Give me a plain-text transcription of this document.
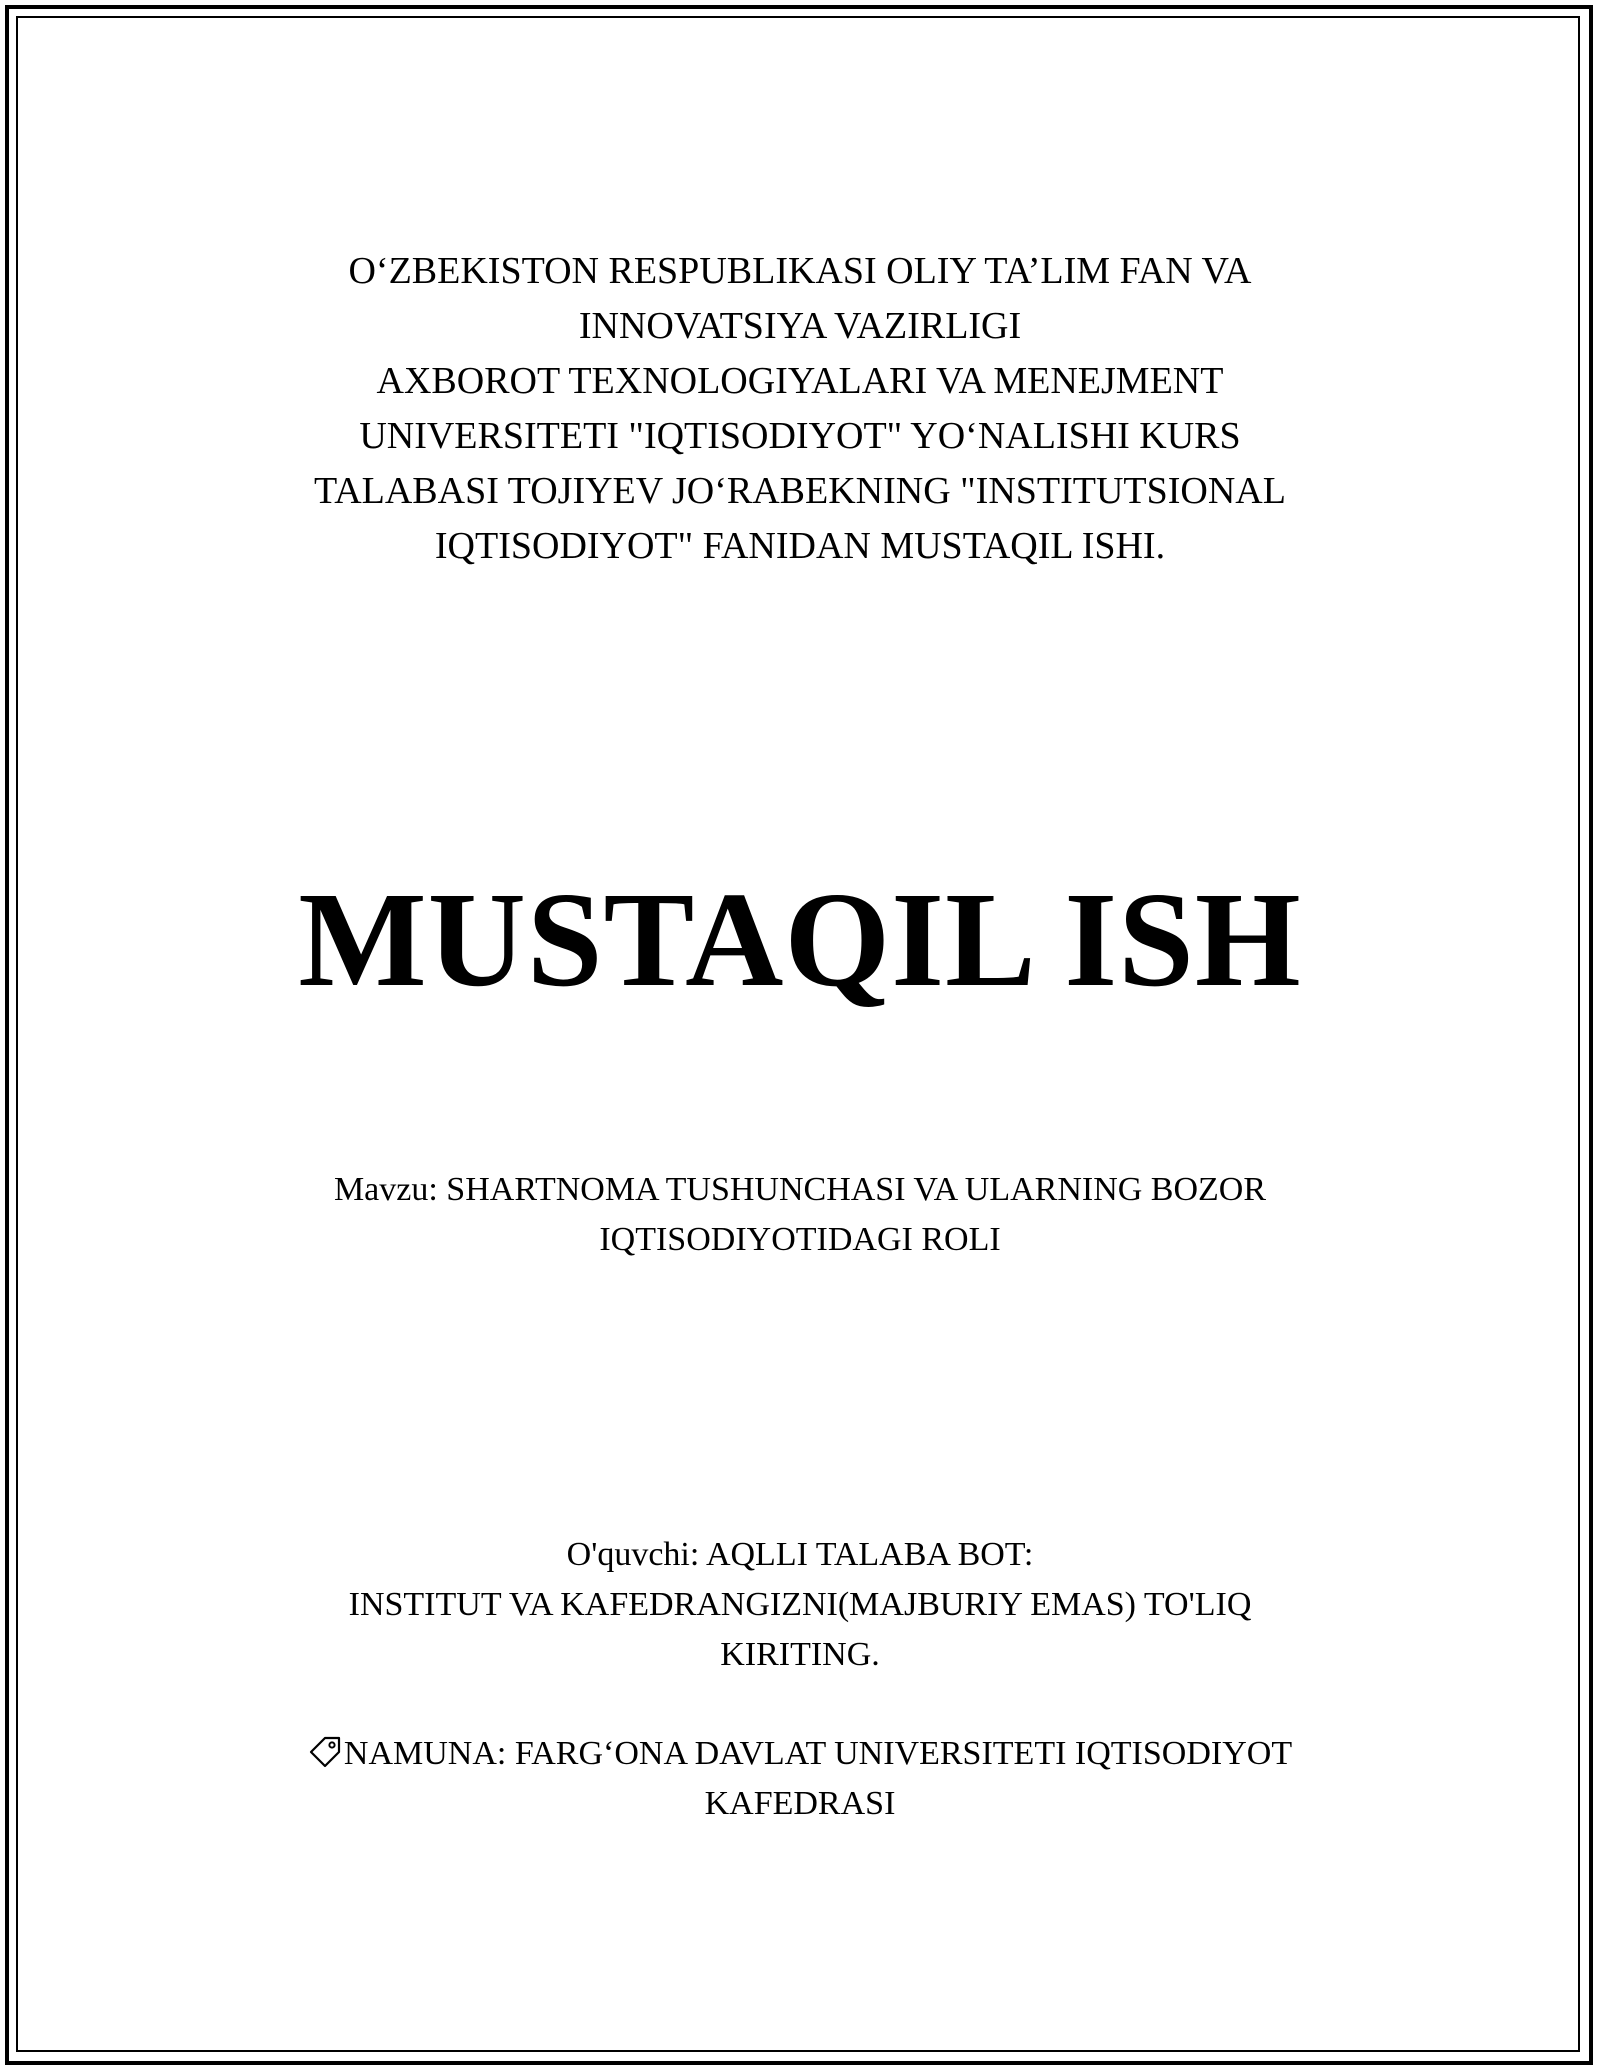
O‘ZBEKISTON RESPUBLIKASI OLIY TA’LIM FAN VA
INNOVATSIYA VAZIRLIGI
AXBOROT TEXNOLOGIYALARI VA MENEJMENT
UNIVERSITETI "IQTISODIYOT" YO‘NALISHI KURS
TALABASI TOJIYEV JO‘RABEKNING "INSTITUTSIONAL
IQTISODIYOT" FANIDAN MUSTAQIL ISHI.
MUSTAQIL ISH
Mavzu: SHARTNOMA TUSHUNCHASI VA ULARNING BOZOR
IQTISODIYOTIDAGI ROLI
O'quvchi: AQLLI TALABA BOT:
INSTITUT VA KAFEDRANGIZNI(MAJBURIY EMAS) TO'LIQ
KIRITING.
NAMUNA: FARG‘ONA DAVLAT UNIVERSITETI IQTISODIYOT
KAFEDRASI
